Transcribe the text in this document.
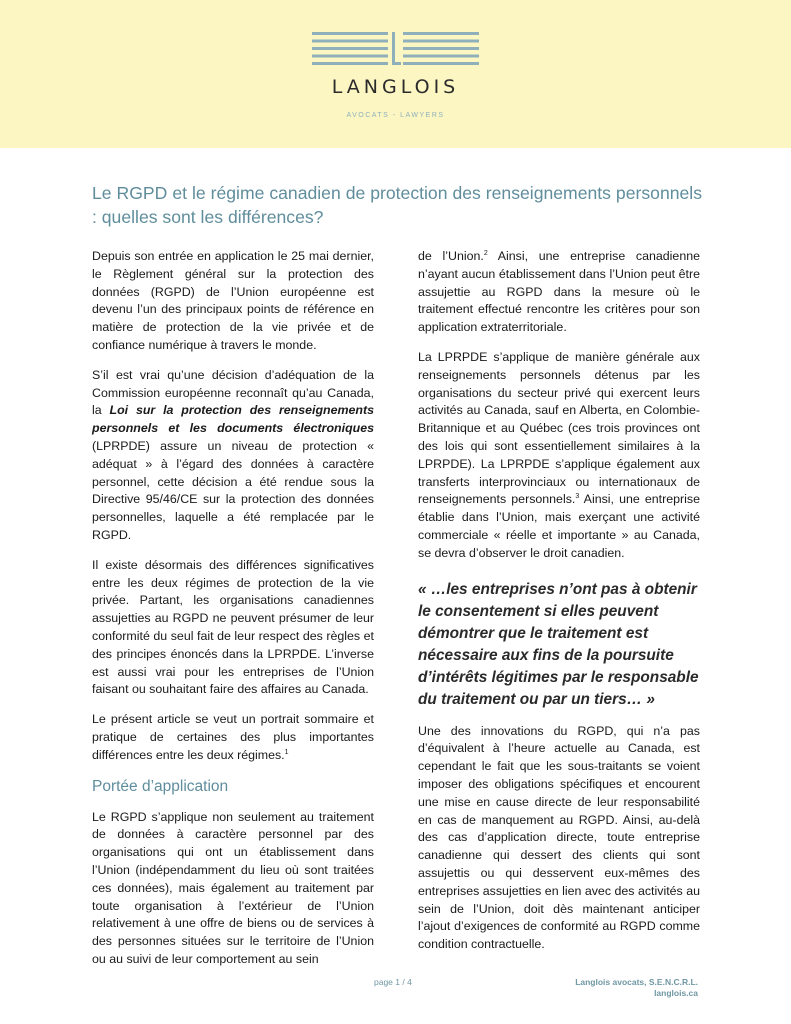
LANGLOIS
AVOCATS - LAWYERS
Le RGPD et le régime canadien de protection des renseignements personnels : quelles sont les différences?

Depuis son entrée en application le 25 mai dernier, le Règlement général sur la protection des données (RGPD) de l’Union européenne est devenu l’un des principaux points de référence en matière de protection de la vie privée et de confiance numérique à travers le monde.

S’il est vrai qu’une décision d’adéquation de la Commission européenne reconnaît qu’au Canada, la Loi sur la protection des renseignements personnels et les documents électroniques (LPRPDE) assure un niveau de protection « adéquat » à l’égard des données à caractère personnel, cette décision a été rendue sous la Directive 95/46/CE sur la protection des données personnelles, laquelle a été remplacée par le RGPD.

Il existe désormais des différences significatives entre les deux régimes de protection de la vie privée. Partant, les organisations canadiennes assujetties au RGPD ne peuvent présumer de leur conformité du seul fait de leur respect des règles et des principes énoncés dans la LPRPDE. L’inverse est aussi vrai pour les entreprises de l’Union faisant ou souhaitant faire des affaires au Canada.

Le présent article se veut un portrait sommaire et pratique de certaines des plus importantes différences entre les deux régimes.$^1$

Portée d’application

Le RGPD s’applique non seulement au traitement de données à caractère personnel par des organisations qui ont un établissement dans l’Union (indépendamment du lieu où sont traitées ces données), mais également au traitement par toute organisation à l’extérieur de l’Union relativement à une offre de biens ou de services à des personnes situées sur le territoire de l’Union ou au suivi de leur comportement au sein

de l’Union.$^2$ Ainsi, une entreprise canadienne n’ayant aucun établissement dans l’Union peut être assujettie au RGPD dans la mesure où le traitement effectué rencontre les critères pour son application extraterritoriale.

La LPRPDE s’applique de manière générale aux renseignements personnels détenus par les organisations du secteur privé qui exercent leurs activités au Canada, sauf en Alberta, en Colombie-Britannique et au Québec (ces trois provinces ont des lois qui sont essentiellement similaires à la LPRPDE). La LPRPDE s’applique également aux transferts interprovinciaux ou internationaux de renseignements personnels.$^3$ Ainsi, une entreprise établie dans l’Union, mais exerçant une activité commerciale « réelle et importante » au Canada, se devra d’observer le droit canadien.

« …les entreprises n’ont pas à obtenir le consentement si elles peuvent démontrer que le traitement est nécessaire aux fins de la poursuite d’intérêts légitimes par le responsable du traitement ou par un tiers… »

Une des innovations du RGPD, qui n’a pas d’équivalent à l’heure actuelle au Canada, est cependant le fait que les sous-traitants se voient imposer des obligations spécifiques et encourent une mise en cause directe de leur responsabilité en cas de manquement au RGPD. Ainsi, au-delà des cas d’application directe, toute entreprise canadienne qui dessert des clients qui sont assujettis ou qui desservent eux-mêmes des entreprises assujetties en lien avec des activités au sein de l’Union, doit dès maintenant anticiper l’ajout d’exigences de conformité au RGPD comme condition contractuelle.

page 1 / 4	Langlois avocats, S.E.N.C.R.L.
langlois.ca
